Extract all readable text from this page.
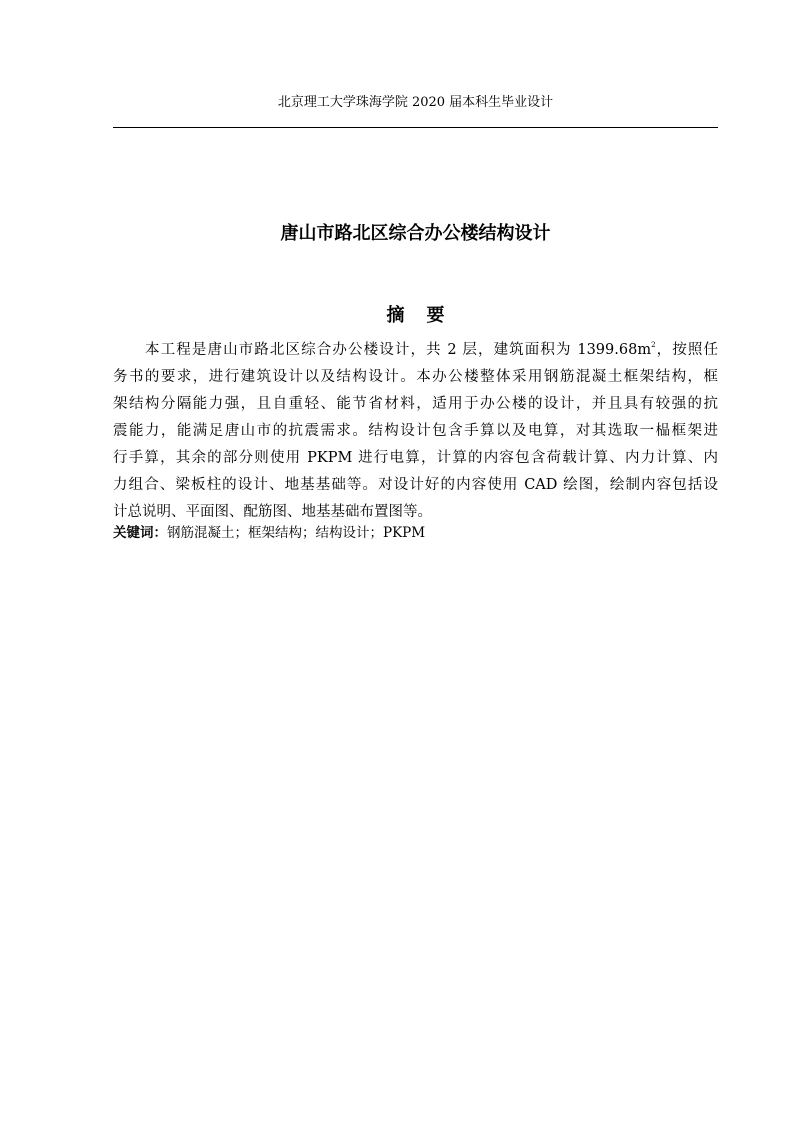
北京理工大学珠海学院 2020 届本科生毕业设计
唐山市路北区综合办公楼结构设计
摘要
本工程是唐山市路北区综合办公楼设计，共 2 层，建筑面积为 $1399.68m^2$，按照任
务书的要求，进行建筑设计以及结构设计。本办公楼整体采用钢筋混凝土框架结构，框
架结构分隔能力强，且自重轻、能节省材料，适用于办公楼的设计，并且具有较强的抗
震能力，能满足唐山市的抗震需求。结构设计包含手算以及电算，对其选取一榀框架进
行手算，其余的部分则使用 PKPM 进行电算，计算的内容包含荷载计算、内力计算、内
力组合、梁板柱的设计、地基基础等。对设计好的内容使用 CAD 绘图，绘制内容包括设
计总说明、平面图、配筋图、地基基础布置图等。
关键词：钢筋混凝土；框架结构；结构设计；PKPM
